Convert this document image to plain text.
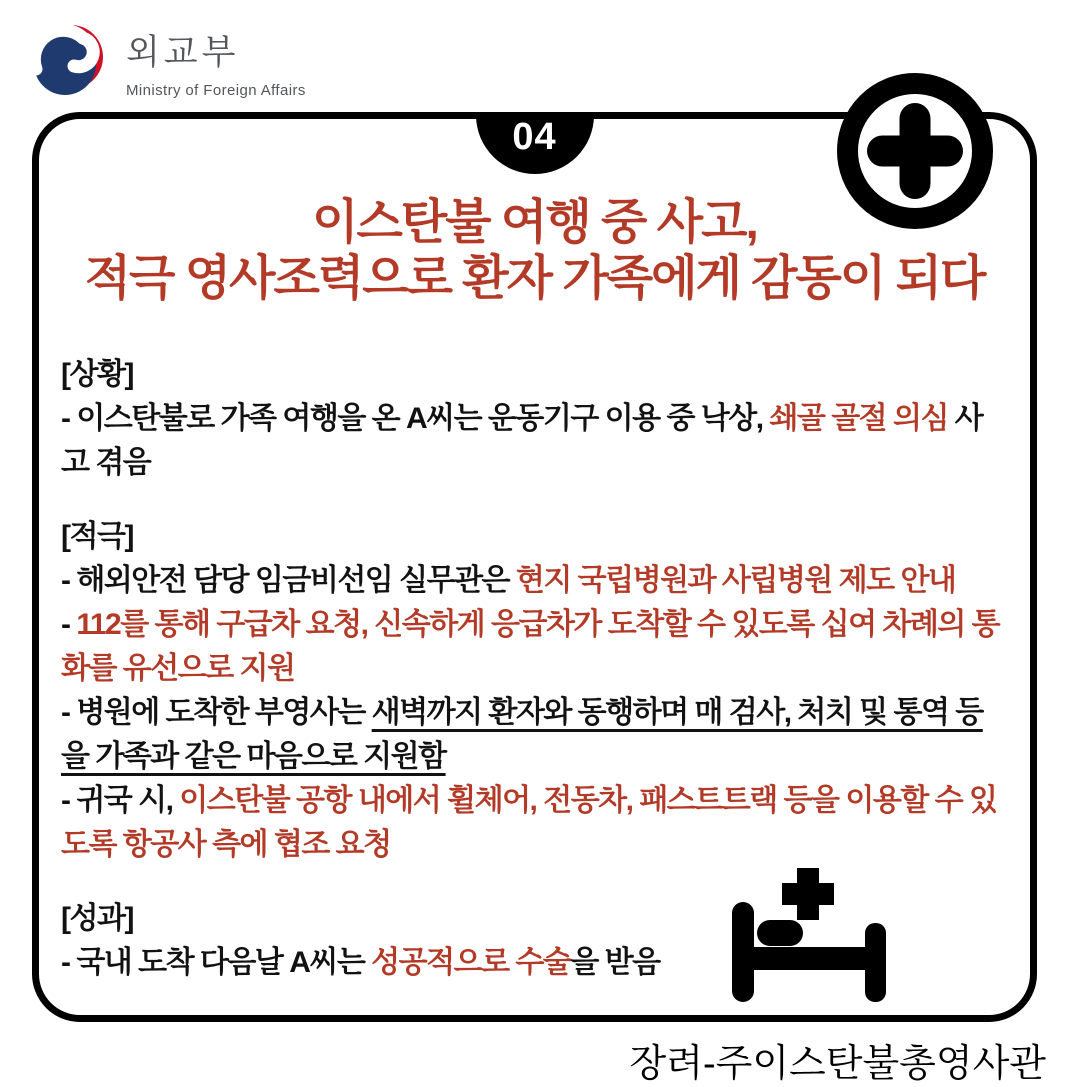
외교부
Ministry of Foreign Affairs
04
이스탄불 여행 중 사고,
적극 영사조력으로 환자 가족에게 감동이 되다

[상황]

- 이스탄불로 가족 여행을 온 A씨는 운동기구 이용 중 낙상, 쇄골 골절 의심 사고 겪음

[적극]

- 해외안전 담당 임금비선임 실무관은 현지 국립병원과 사립병원 제도 안내

- 112를 통해 구급차 요청, 신속하게 응급차가 도착할 수 있도록 십여 차례의 통화를 유선으로 지원

- 병원에 도착한 부영사는 새벽까지 환자와 동행하며 매 검사, 처치 및 통역 등을 가족과 같은 마음으로 지원함

- 귀국 시, 이스탄불 공항 내에서 휠체어, 전동차, 패스트트랙 등을 이용할 수 있도록 항공사 측에 협조 요청

[성과]

- 국내 도착 다음날 A씨는 성공적으로 수술을 받음

장려-주이스탄불총영사관
